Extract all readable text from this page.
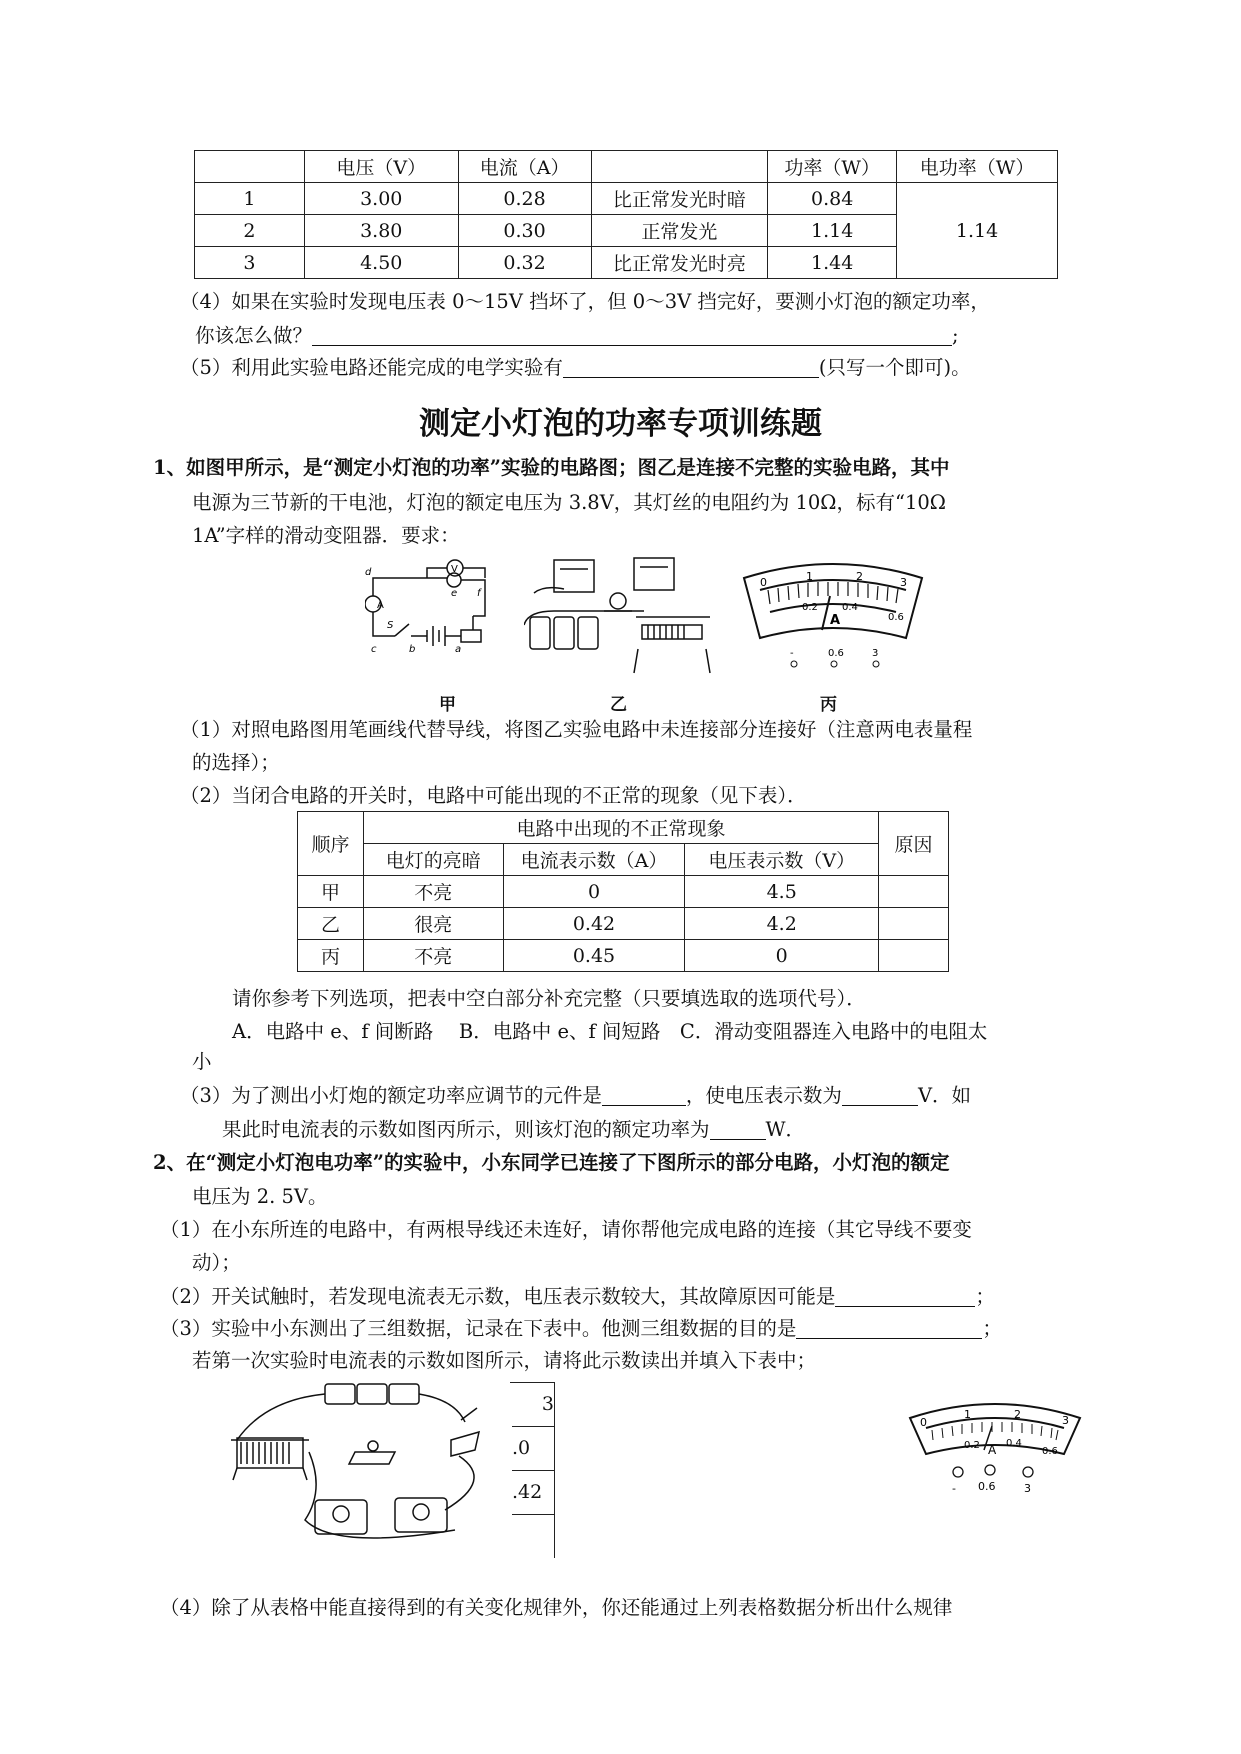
	电压（V）	电流（A）		功率（W）	电功率（W）
1	3.00	0.28	比正常发光时暗	0.84	1.14
2	3.80	0.30	正常发光	1.14	
3	4.50	0.32	比正常发光时亮	1.44	
（4）如果在实验时发现电压表 0～15V 挡坏了，但 0～3V 挡完好，要测小灯泡的额定功率，
你该怎么做？	;
（5）利用此实验电路还能完成的电学实验有	(只写一个即可)。
测定小灯泡的功率专项训练题
1、如图甲所示，是“测定小灯泡的功率”实验的电路图；图乙是连接不完整的实验电路，其中
电源为三节新的干电池，灯泡的额定电压为 3.8V，其灯丝的电阻约为 10Ω，标有“10Ω
1A”字样的滑动变阻器．要求：
A
V
d
e f
S
c	b	a
0	1	2	3
0.2 0.4
0.6
A
-	0.6	3
甲	乙	丙
（1）对照电路图用笔画线代替导线，将图乙实验电路中未连接部分连接好（注意两电表量程
的选择）；
（2）当闭合电路的开关时，电路中可能出现的不正常的现象（见下表）．
顺序	电路中出现的不正常现象			原因
	电灯的亮暗	电流表示数（A）	电压表示数（V）	
甲	不亮	0	4.5	
乙	很亮	0.42	4.2	
丙	不亮	0.45	0	
请你参考下列选项，把表中空白部分补充完整（只要填选取的选项代号）．
A．电路中 e、f 间断路　 B．电路中 e、f 间短路　C．滑动变阻器连入电路中的电阻太
小
（3）为了测出小灯炮的额定功率应调节的元件是	，使电压表示数为	V．如
果此时电流表的示数如图丙所示，则该灯泡的额定功率为	W．
2、在“测定小灯泡电功率”的实验中，小东同学已连接了下图所示的部分电路，小灯泡的额定
电压为 2. 5V。
（1）在小东所连的电路中，有两根导线还未连好，请你帮他完成电路的连接（其它导线不要变
动）；
（2）开关试触时，若发现电流表无示数，电压表示数较大，其故障原因可能是	；
（3）实验中小东测出了三组数据，记录在下表中。他测三组数据的目的是	；
若第一次实验时电流表的示数如图所示，请将此示数读出并填入下表中；
3
.0
.42
0
1	2	3
0.2	0.4
0.6
A
- 0.6	3
（4）除了从表格中能直接得到的有关变化规律外，你还能通过上列表格数据分析出什么规律
